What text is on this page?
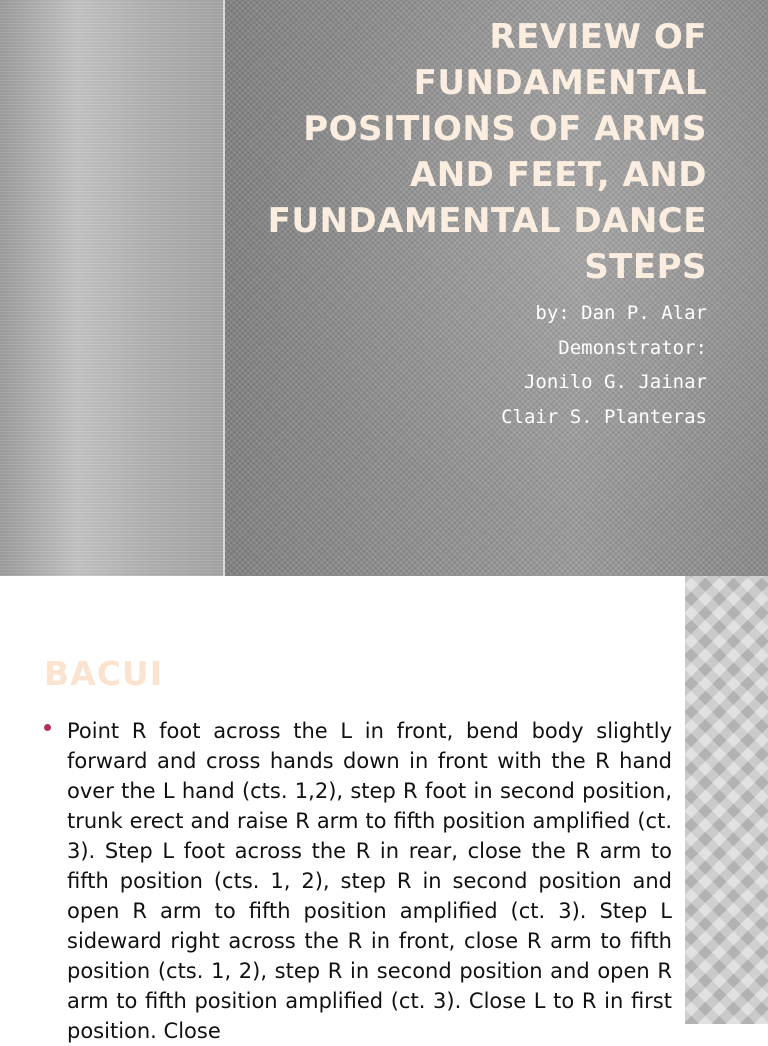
REVIEW OF FUNDAMENTAL POSITIONS OF ARMS AND FEET, AND FUNDAMENTAL DANCE STEPS
by: Dan P. Alar
Demonstrator:
Jonilo G. Jainar
Clair S. Planteras
BACUI
Point R foot across the L in front, bend body slightly forward and cross hands down in front with the R hand over the L hand (cts. 1,2), step R foot in second position, trunk erect and raise R arm to fifth position amplified (ct. 3). Step L foot across the R in rear, close the R arm to fifth position (cts. 1, 2), step R in second position and open R arm to fifth position amplified (ct. 3). Step L sideward right across the R in front, close R arm to fifth position (cts. 1, 2), step R in second position and open R arm to fifth position amplified (ct. 3). Close L to R in first position. Close
